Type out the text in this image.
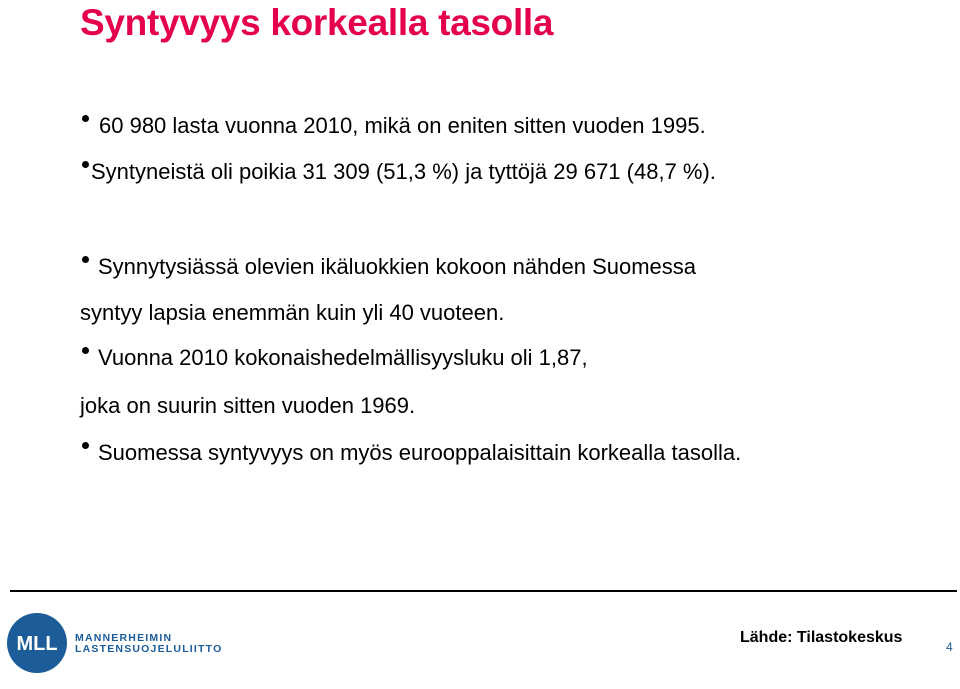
Syntyvyys korkealla tasolla
60 980 lasta vuonna 2010, mikä on eniten sitten vuoden 1995.
Syntyneistä oli poikia 31 309 (51,3 %) ja tyttöjä 29 671 (48,7 %).
Synnytysiässä olevien ikäluokkien kokoon nähden Suomessa
syntyy lapsia enemmän kuin yli 40 vuoteen.
Vuonna 2010 kokonaishedelmällisyysluku oli 1,87,
joka on suurin sitten vuoden 1969.
Suomessa syntyvyys on myös eurooppalaisittain korkealla tasolla.
MLL MANNERHEIMIN
LASTENSUOJELULIITTO
Lähde: Tilastokeskus
4
